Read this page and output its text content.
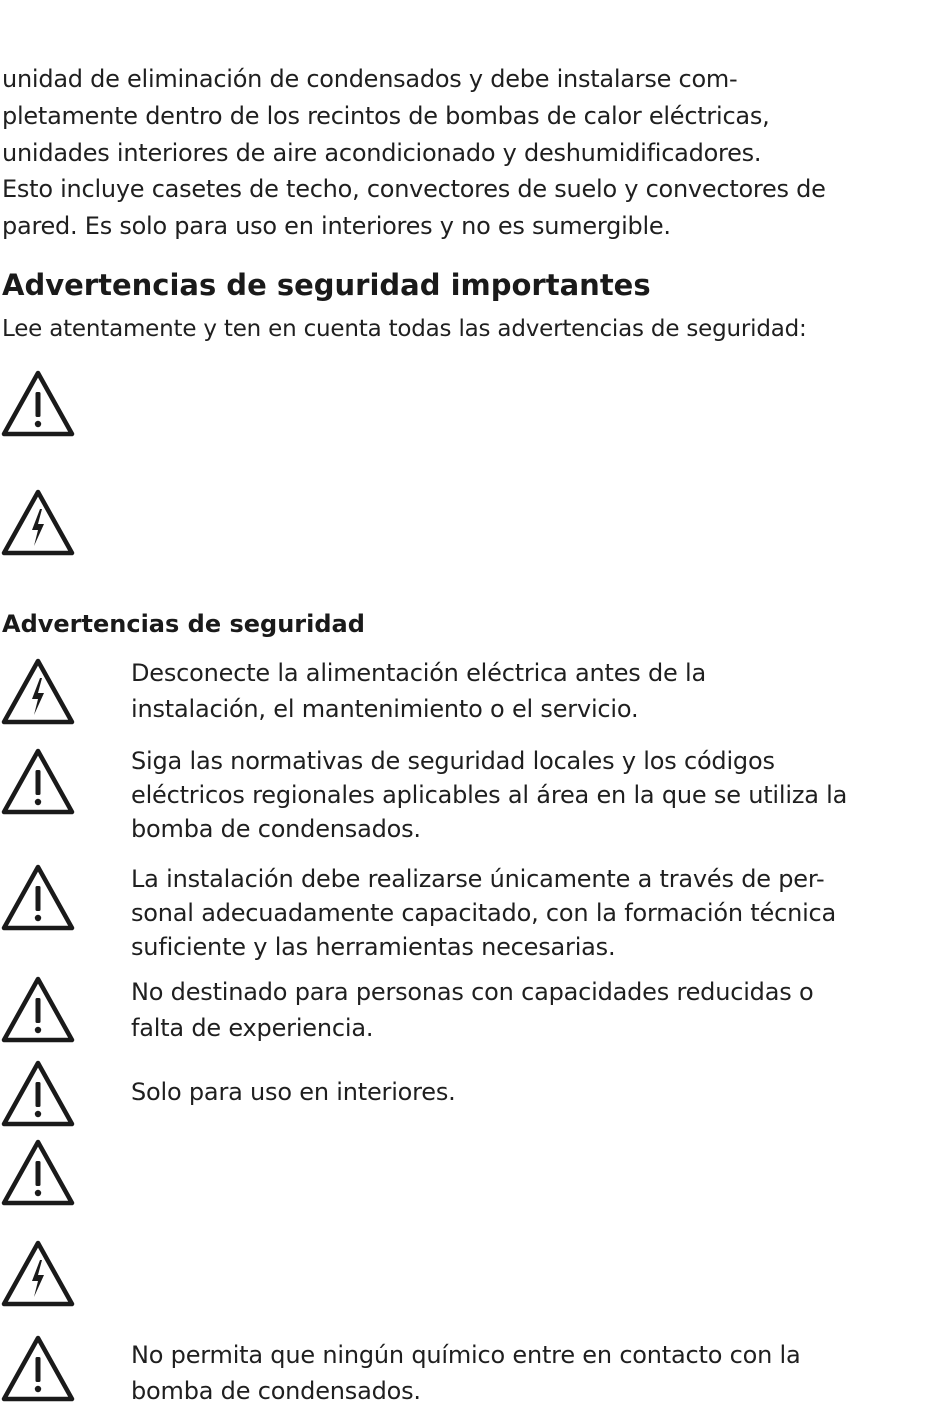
unidad de eliminación de condensados y debe instalarse com-
pletamente dentro de los recintos de bombas de calor eléctricas,
unidades interiores de aire acondicionado y deshumidificadores.
Esto incluye casetes de techo, convectores de suelo y convectores de
pared. Es solo para uso en interiores y no es sumergible.
Advertencias de seguridad importantes
Lee atentamente y ten en cuenta todas las advertencias de seguridad:
Advertencias de seguridad
Desconecte la alimentación eléctrica antes de la
instalación, el mantenimiento o el servicio.
Siga las normativas de seguridad locales y los códigos
eléctricos regionales aplicables al área en la que se utiliza la
bomba de condensados.
La instalación debe realizarse únicamente a través de per-
sonal adecuadamente capacitado, con la formación técnica
suficiente y las herramientas necesarias.
No destinado para personas con capacidades reducidas o
falta de experiencia.
Solo para uso en interiores.
No permita que ningún químico entre en contacto con la
bomba de condensados.
